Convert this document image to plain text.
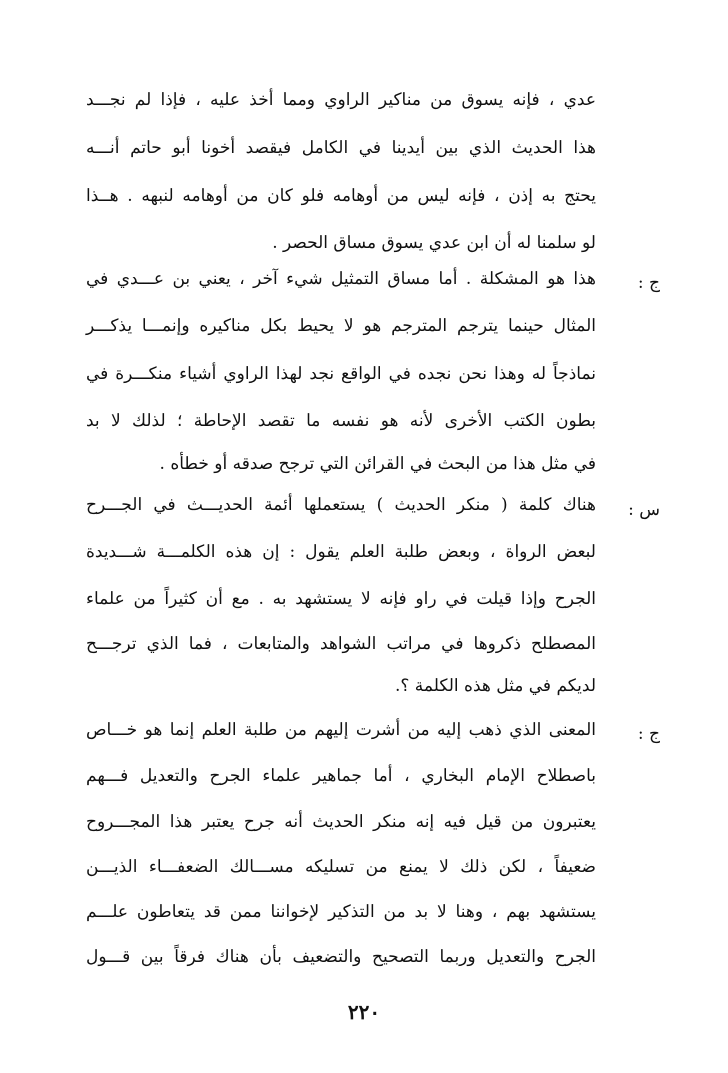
عدي ، فإنه يسوق من مناكير الراوي ومما أخذ عليه ، فإذا لم نجـــد
هذا الحديث الذي بين أيدينا في الكامل فيقصد أخونا أبو حاتم أنـــه
يحتج به إذن ، فإنه ليس من أوهامه فلو كان من أوهامه لنبهه . هــذا
لو سلمنا له أن ابن عدي يسوق مساق الحصر .
ج :
هذا هو المشكلة . أما مساق التمثيل شيء آخر ، يعني بن عـــدي في
المثال حينما يترجم المترجم هو لا يحيط بكل مناكيره وإنمـــا يذكـــر
نماذجاً له وهذا نحن نجده في الواقع نجد لهذا الراوي أشياء منكـــرة في
بطون الكتب الأخرى لأنه هو نفسه ما تقصد الإحاطة ؛ لذلك لا بد
في مثل هذا من البحث في القرائن التي ترجح صدقه أو خطأه .
س :
هناك كلمة ( منكر الحديث ) يستعملها أئمة الحديـــث في الجـــرح
لبعض الرواة ، وبعض طلبة العلم يقول : إن هذه الكلمـــة شـــديدة
الجرح وإذا قيلت في راو فإنه لا يستشهد به . مع أن كثيراً من علماء
المصطلح ذكروها في مراتب الشواهد والمتابعات ، فما الذي ترجـــح
لديكم في مثل هذه الكلمة ؟.
ج :
المعنى الذي ذهب إليه من أشرت إليهم من طلبة العلم إنما هو خـــاص
باصطلاح الإمام البخاري ، أما جماهير علماء الجرح والتعديل فـــهم
يعتبرون من قيل فيه إنه منكر الحديث أنه جرح يعتبر هذا المجـــروح
ضعيفاً ، لكن ذلك لا يمنع من تسليكه مســـالك الضعفـــاء الذيـــن
يستشهد بهم ، وهنا لا بد من التذكير لإخواننا ممن قد يتعاطون علـــم
الجرح والتعديل وربما التصحيح والتضعيف بأن هناك فرقاً بين قـــول
٢٢٠
